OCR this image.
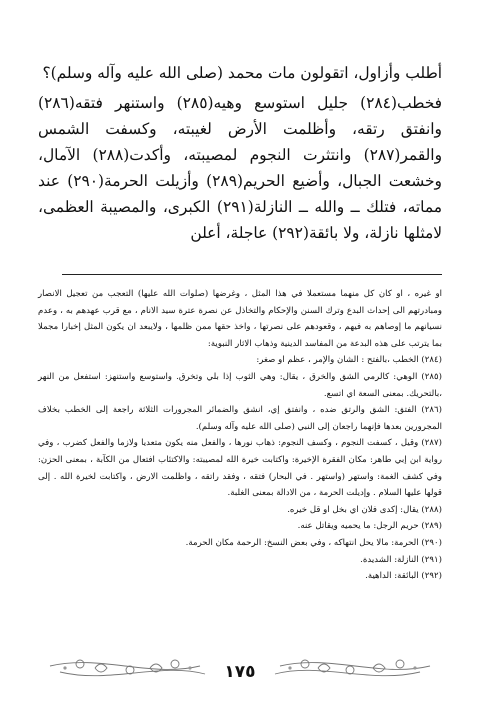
أطلب وأزاول، اتقولون مات محمد (صلى الله عليه وآله وسلم)؟

فخطب(٢٨٤) جليل استوسع وهيه(٢٨٥) واستنهر فتقه(٢٨٦) وانفتق رتقه، وأظلمت الأرض لغيبته، وكسفت الشمس والقمر(٢٨٧) وانتثرت النجوم لمصيبته، وأكدت(٢٨٨) الآمال، وخشعت الجبال، وأضيع الحريم(٢٨٩) وأزيلت الحرمة(٢٩٠) عند مماته، فتلك ــ والله ــ النازلة(٢٩١) الكبرى، والمصيبة العظمى، لامثلها نازلة، ولا بائقة(٢٩٢) عاجلة، أعلن

او غيره ، او كان كل منهما مستعملا في هذا المثل ، وغرضها (صلوات الله عليها) التعجب من تعجيل الانصار ومبادرتهم الى إحداث البدع وترك السنن والإحكام والتخاذل عن نصرة عترة سيد الانام ، مع قرب عهدهم به ، وعدم نسيانهم ما إوصاهم به فيهم ، وقعودهم على نصرتها ، واخذ حقها ممن ظلمها ، ولايبعد ان يكون المثل إخبارا مجملا بما يترتب على هذه البدعة من المفاسد الدينية وذهاب الاثار النبوية:

(٢٨٤) الخطب ،بالفتح : الشان والإمر ، عظم او صغر:

(٢٨٥) الوهي: كالرمي الشق والخرق ، يقال: وهي الثوب إذا بلي وتخرق. واستوسع واستنهز: استفعل من النهر ،بالتحريك. بمعنى السعة اي اتسع.

(٢٨٦) الفتق: الشق والرتق ضده ، وانفتق إي، انشق والضمائر المجرورات الثلاثة راجعة إلى الخطب بخلاف المجرورين بعدها فإنهما راجعان إلى النبي (صلى الله عليه وآله وسلم).

(٢٨٧) وقيل ، كسفت النجوم ، وكسف النجوم: ذهاب نورها ، والفعل منه يكون متعديا ولازما والفعل كضرب ، وفي رواية ابن إبي طاهر: مكان الفقرة الإخيرة: واكتابت خيرة الله لمصيبته: والاكتئاب افتعال من الكآبة ، بمعنى الحزن: وفي كشف الغمة: واستهر (واستهر . في البحار) فتقه ، وفقد راتقه ، واظلمت الارض ، واكتابت لخيرة الله . إلى قولها عليها السلام . وإديلت الحرمة ، من الادالة بمعنى الغلبة.

(٢٨٨) يقال: إكدى فلان اي بخل او قل خيره.

(٢٨٩) حريم الرجل: ما يحميه ويقاتل عنه.

(٢٩٠) الحرمة: مالا يحل انتهاكه ، وفي بعض النسخ: الرحمة مكان الحرمة.

(٢٩١) النازلة: الشديدة.

(٢٩٢) البائقة: الداهية.

١٧٥
